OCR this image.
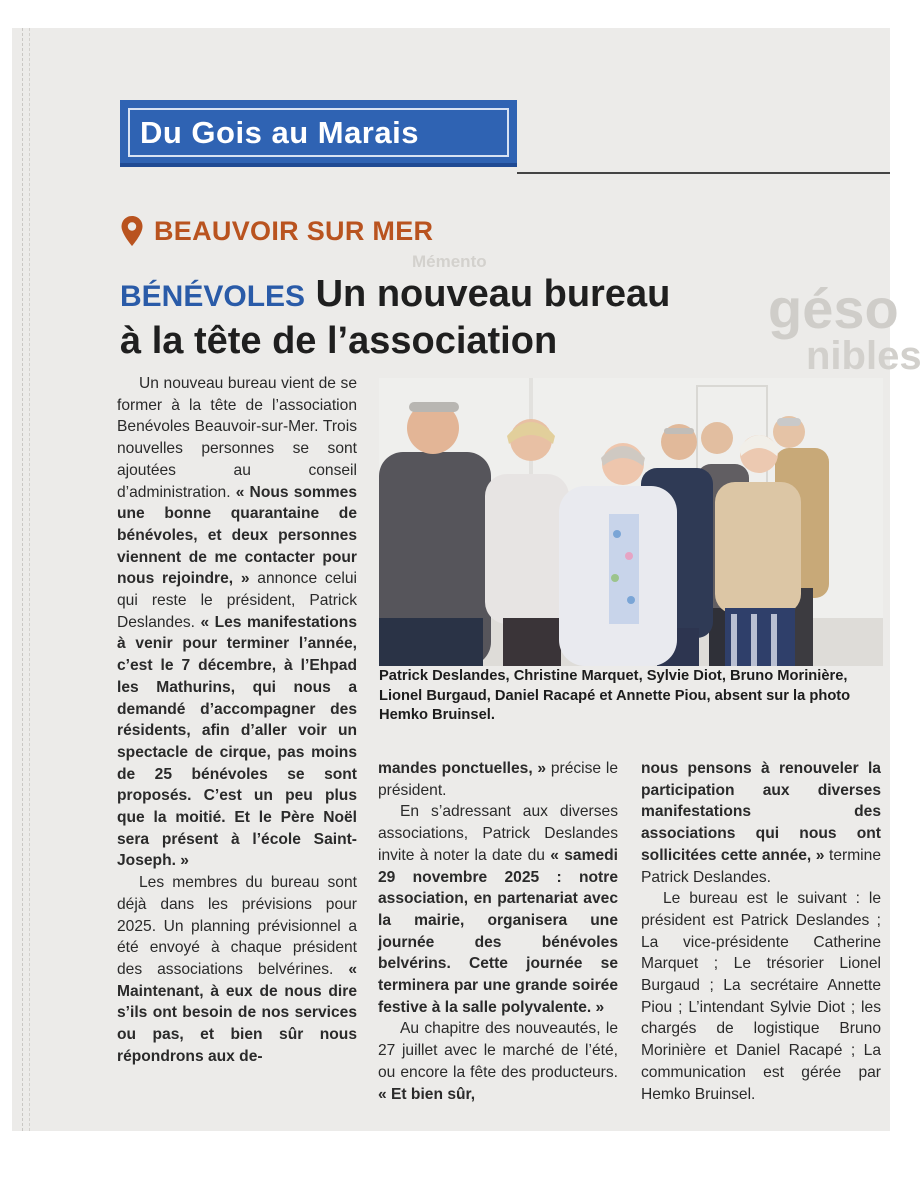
Mémento
géso
nibles
Du Gois au Marais
BEAUVOIR SUR MER
BÉNÉVOLES Un nouveau bureau
à la tête de l’association

Un nouveau bureau vient de se former à la tête de l’association Benévoles Beauvoir-sur-Mer. Trois nouvelles personnes se sont ajoutées au conseil d’administration. « Nous sommes une bonne quarantaine de bénévoles, et deux personnes viennent de me contacter pour nous rejoindre, » annonce celui qui reste le président, Patrick Deslandes. « Les manifestations à venir pour terminer l’année, c’est le 7 décembre, à l’Ehpad les Mathurins, qui nous a demandé d’accompagner des résidents, afin d’aller voir un spectacle de cirque, pas moins de 25 bénévoles se sont proposés. C’est un peu plus que la moitié. Et le Père Noël sera présent à l’école Saint-Joseph. »

Les membres du bureau sont déjà dans les prévisions pour 2025. Un planning prévisionnel a été envoyé à chaque président des associations belvérines. « Maintenant, à eux de nous dire s’ils ont besoin de nos services ou pas, et bien sûr nous répondrons aux de-

Patrick Deslandes, Christine Marquet, Sylvie Diot, Bruno Morinière, Lionel Burgaud, Daniel Racapé et Annette Piou, absent sur la photo Hemko Bruinsel.

mandes ponctuelles, » précise le président.

En s’adressant aux diverses associations, Patrick Deslandes invite à noter la date du « samedi 29 novembre 2025 : notre association, en partenariat avec la mairie, organisera une journée des bénévoles belvérins. Cette journée se terminera par une grande soirée festive à la salle polyvalente. »

Au chapitre des nouveautés, le 27 juillet avec le marché de l’été, ou encore la fête des producteurs. « Et bien sûr,

nous pensons à renouveler la participation aux diverses manifestations des associations qui nous ont sollicitées cette année, » termine Patrick Deslandes.

Le bureau est le suivant : le président est Patrick Deslandes ; La vice-présidente Catherine Marquet ; Le trésorier Lionel Burgaud ; La secrétaire Annette Piou ; L’intendant Sylvie Diot ; les chargés de logistique Bruno Morinière et Daniel Racapé ; La communication est gérée par Hemko Bruinsel.
